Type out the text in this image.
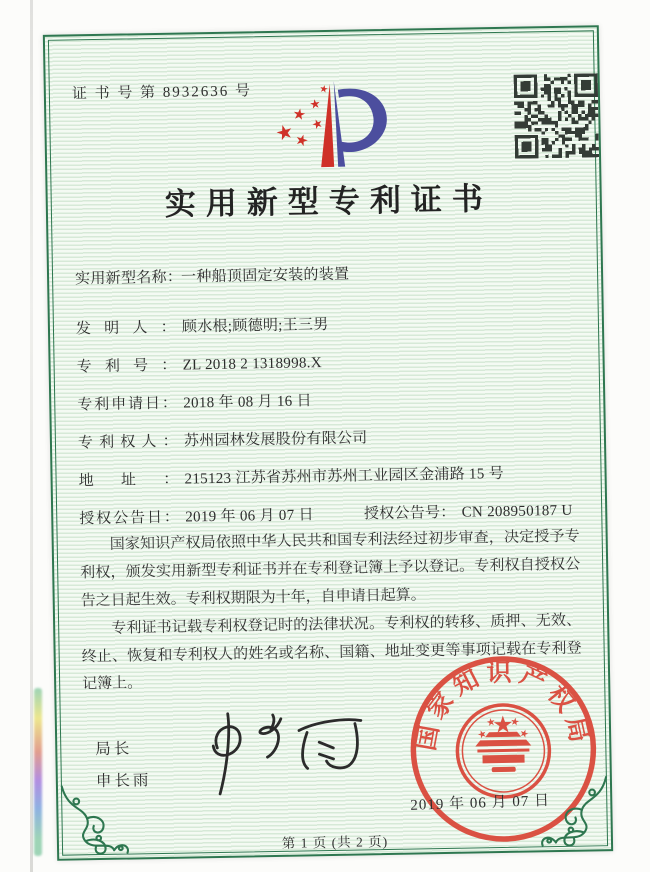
证 书 号 第 8932636 号
实用新型专利证书
实用新型名称：一种船顶固定安装的装置
发明人： 顾水根;顾德明;王三男
专利号： ZL 2018 2 1318998.X
专利申请日： 2018 年 08 月 16 日
专利权人： 苏州园林发展股份有限公司
地址： 215123 江苏省苏州市苏州工业园区金浦路 15 号
授权公告日： 2019 年 06 月 07 日	授权公告号： CN 208950187 U

国家知识产权局依照中华人民共和国专利法经过初步审查，决定授予专利权，颁发实用新型专利证书并在专利登记簿上予以登记。专利权自授权公告之日起生效。专利权期限为十年，自申请日起算。

专利证书记载专利权登记时的法律状况。专利权的转移、质押、无效、终止、恢复和专利权人的姓名或名称、国籍、地址变更等事项记载在专利登记簿上。

局长
申长雨
国家知识产权局
2019 年 06 月 07 日
第 1 页 (共 2 页)
